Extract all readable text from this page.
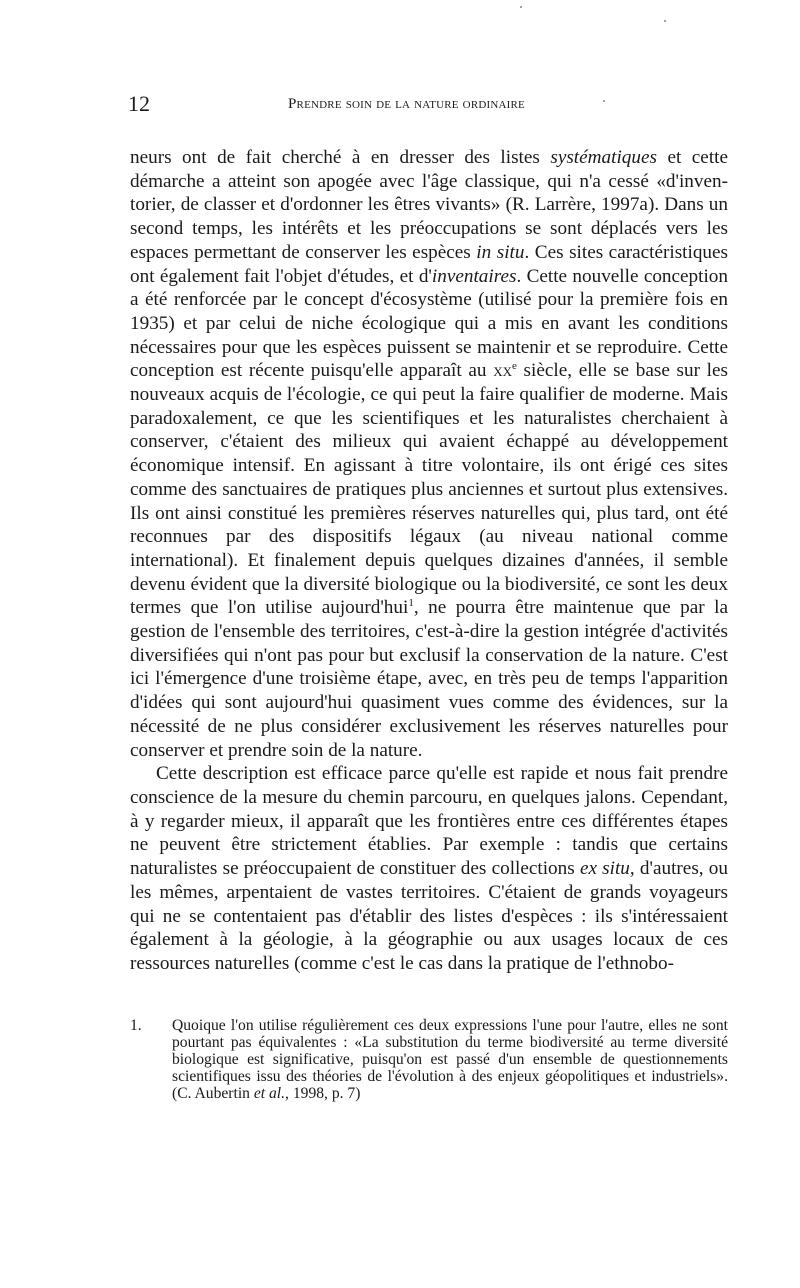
12	Prendre soin de la nature ordinaire

neurs ont de fait cherché à en dresser des listes systématiques et cette démarche a atteint son apogée avec l'âge classique, qui n'a cessé «d'inventorier, de classer et d'ordonner les êtres vivants» (R. Larrère, 1997a). Dans un second temps, les intérêts et les préoccupations se sont déplacés vers les espaces permettant de conserver les espèces in situ. Ces sites caractéristiques ont également fait l'objet d'études, et d'inventaires. Cette nouvelle conception a été renforcée par le concept d'écosystème (utilisé pour la première fois en 1935) et par celui de niche écologique qui a mis en avant les conditions nécessaires pour que les espèces puissent se maintenir et se reproduire. Cette conception est récente puisqu'elle apparaît au $xx^e$ siècle, elle se base sur les nouveaux acquis de l'écologie, ce qui peut la faire qualifier de moderne. Mais paradoxalement, ce que les scientifiques et les naturalistes cherchaient à conserver, c'étaient des milieux qui avaient échappé au développement économique intensif. En agissant à titre volontaire, ils ont érigé ces sites comme des sanctuaires de pratiques plus anciennes et surtout plus extensives. Ils ont ainsi constitué les premières réserves naturelles qui, plus tard, ont été reconnues par des dispositifs légaux (au niveau national comme international). Et finalement depuis quelques dizaines d'années, il semble devenu évident que la diversité biologique ou la biodiversité, ce sont les deux termes que l'on utilise aujourd'hui$^1$, ne pourra être maintenue que par la gestion de l'ensemble des territoires, c'est-à-dire la gestion intégrée d'activités diversifiées qui n'ont pas pour but exclusif la conservation de la nature. C'est ici l'émergence d'une troisième étape, avec, en très peu de temps l'apparition d'idées qui sont aujourd'hui quasiment vues comme des évidences, sur la nécessité de ne plus considérer exclusivement les réserves naturelles pour conserver et prendre soin de la nature.

Cette description est efficace parce qu'elle est rapide et nous fait prendre conscience de la mesure du chemin parcouru, en quelques jalons. Cependant, à y regarder mieux, il apparaît que les frontières entre ces différentes étapes ne peuvent être strictement établies. Par exemple : tandis que certains naturalistes se préoccupaient de constituer des collections ex situ, d'autres, ou les mêmes, arpentaient de vastes territoires. C'étaient de grands voyageurs qui ne se contentaient pas d'établir des listes d'espèces : ils s'intéressaient également à la géologie, à la géographie ou aux usages locaux de ces ressources naturelles (comme c'est le cas dans la pratique de l'ethnobo-

1.	Quoique l'on utilise régulièrement ces deux expressions l'une pour l'autre, elles ne sont pourtant pas équivalentes : «La substitution du terme biodiversité au terme diversité biologique est significative, puisqu'on est passé d'un ensemble de questionnements scientifiques issu des théories de l'évolution à des enjeux géopolitiques et industriels». (C. Aubertin et al., 1998, p. 7)
